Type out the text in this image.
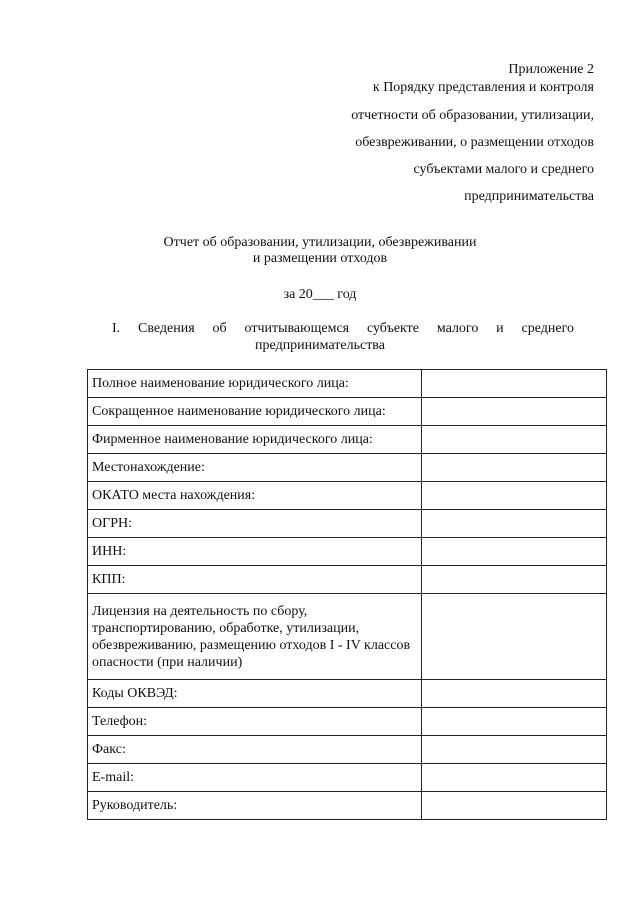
Приложение 2
к Порядку представления и контроля
отчетности об образовании, утилизации,
обезвреживании, о размещении отходов
субъектами малого и среднего
предпринимательства
Отчет об образовании, утилизации, обезвреживании
и размещении отходов
за 20___ год
I. Сведения об отчитывающемся субъекте малого и среднего
предпринимательства
Полное наименование юридического лица:	
Сокращенное наименование юридического лица:	
Фирменное наименование юридического лица:	
Местонахождение:	
ОКАТО места нахождения:	
ОГРН:	
ИНН:	
КПП:	
Лицензия на деятельность по сбору, транспортированию, обработке, утилизации, обезвреживанию, размещению отходов I - IV классов опасности (при наличии)	
Коды ОКВЭД:	
Телефон:	
Факс:	
E-mail:	
Руководитель:	
